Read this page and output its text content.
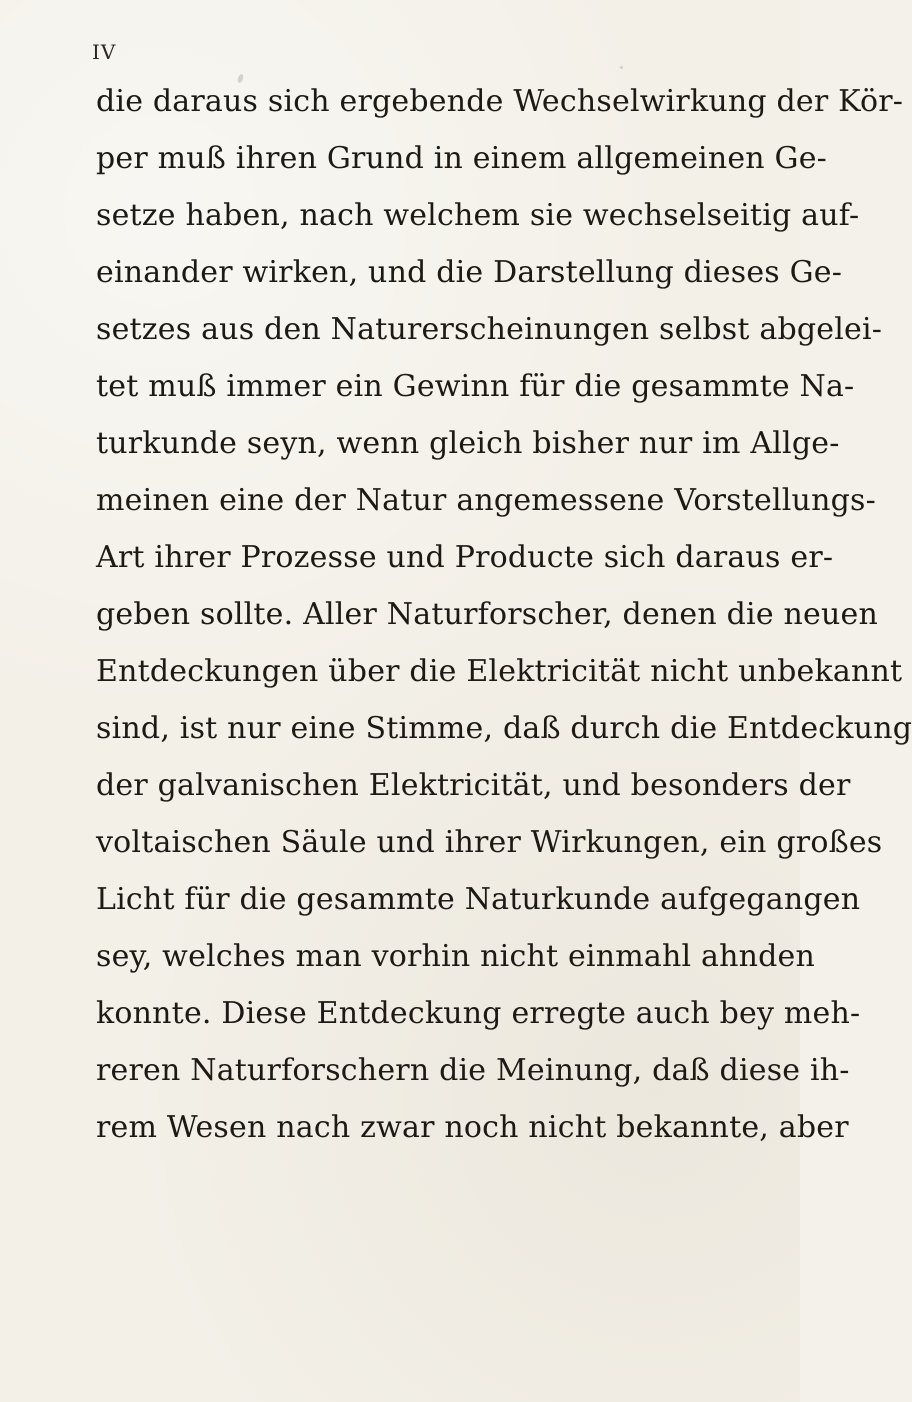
IV
die daraus sich ergebende Wechselwirkung der Kör-
per muß ihren Grund in einem allgemeinen Ge-
setze haben, nach welchem sie wechselseitig auf-
einander wirken, und die Darstellung dieses Ge-
setzes aus den Naturerscheinungen selbst abgelei-
tet muß immer ein Gewinn für die gesammte Na-
turkunde seyn, wenn gleich bisher nur im Allge-
meinen eine der Natur angemessene Vorstellungs-
Art ihrer Prozesse und Producte sich daraus er-
geben sollte. Aller Naturforscher, denen die neuen
Entdeckungen über die Elektricität nicht unbekannt
sind, ist nur eine Stimme, daß durch die Entdeckung
der galvanischen Elektricität, und besonders der
voltaischen Säule und ihrer Wirkungen, ein großes
Licht für die gesammte Naturkunde aufgegangen
sey, welches man vorhin nicht einmahl ahnden
konnte. Diese Entdeckung erregte auch bey meh-
reren Naturforschern die Meinung, daß diese ih-
rem Wesen nach zwar noch nicht bekannte, aber
